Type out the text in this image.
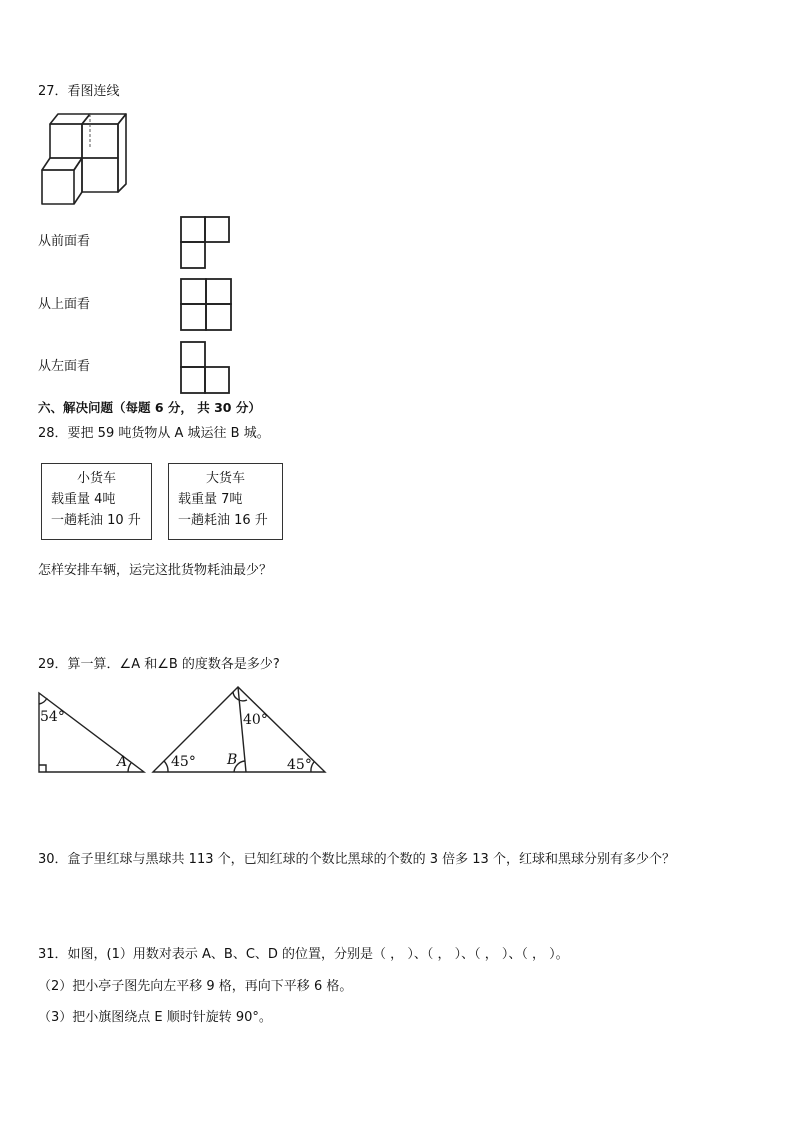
27．看图连线
从前面看
从上面看
从左面看
六、解决问题（每题 6 分， 共 30 分）
28．要把 59 吨货物从 A 城运往 B 城。
小货车
载重量 4吨
一趟耗油 10 升
大货车
载重量 7吨
一趟耗油 16 升
怎样安排车辆，运完这批货物耗油最少？
29．算一算．∠A 和∠B 的度数各是多少?
54°
A	45° B
40°
45°
30．盒子里红球与黑球共 113 个，已知红球的个数比黑球的个数的 3 倍多 13 个，红球和黑球分别有多少个？
31．如图，(1）用数对表示 A、B、C、D 的位置，分别是（ ， ）、（ ， ）、（ ， ）、（ ， ）。
（2）把小亭子图先向左平移 9 格，再向下平移 6 格。
（3）把小旗图绕点 E 顺时针旋转 90°。
